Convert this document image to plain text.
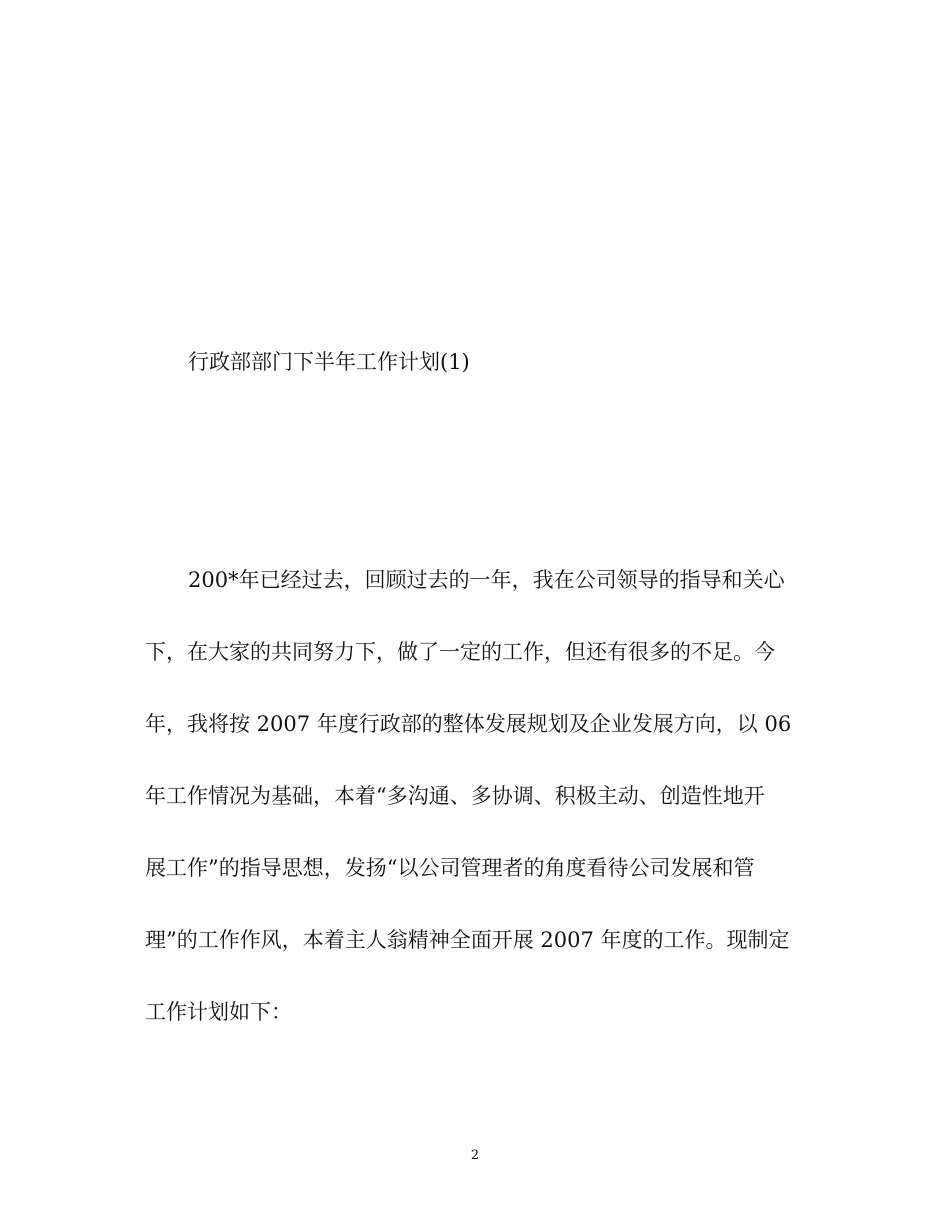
行政部部门下半年工作计划(1)
200*年已经过去，回顾过去的一年，我在公司领导的指导和关心
下，在大家的共同努力下，做了一定的工作，但还有很多的不足。今
年，我将按 2007 年度行政部的整体发展规划及企业发展方向，以 06
年工作情况为基础，本着“多沟通、多协调、积极主动、创造性地开
展工作”的指导思想，发扬“以公司管理者的角度看待公司发展和管
理”的工作作风，本着主人翁精神全面开展 2007 年度的工作。现制定
工作计划如下：
2
